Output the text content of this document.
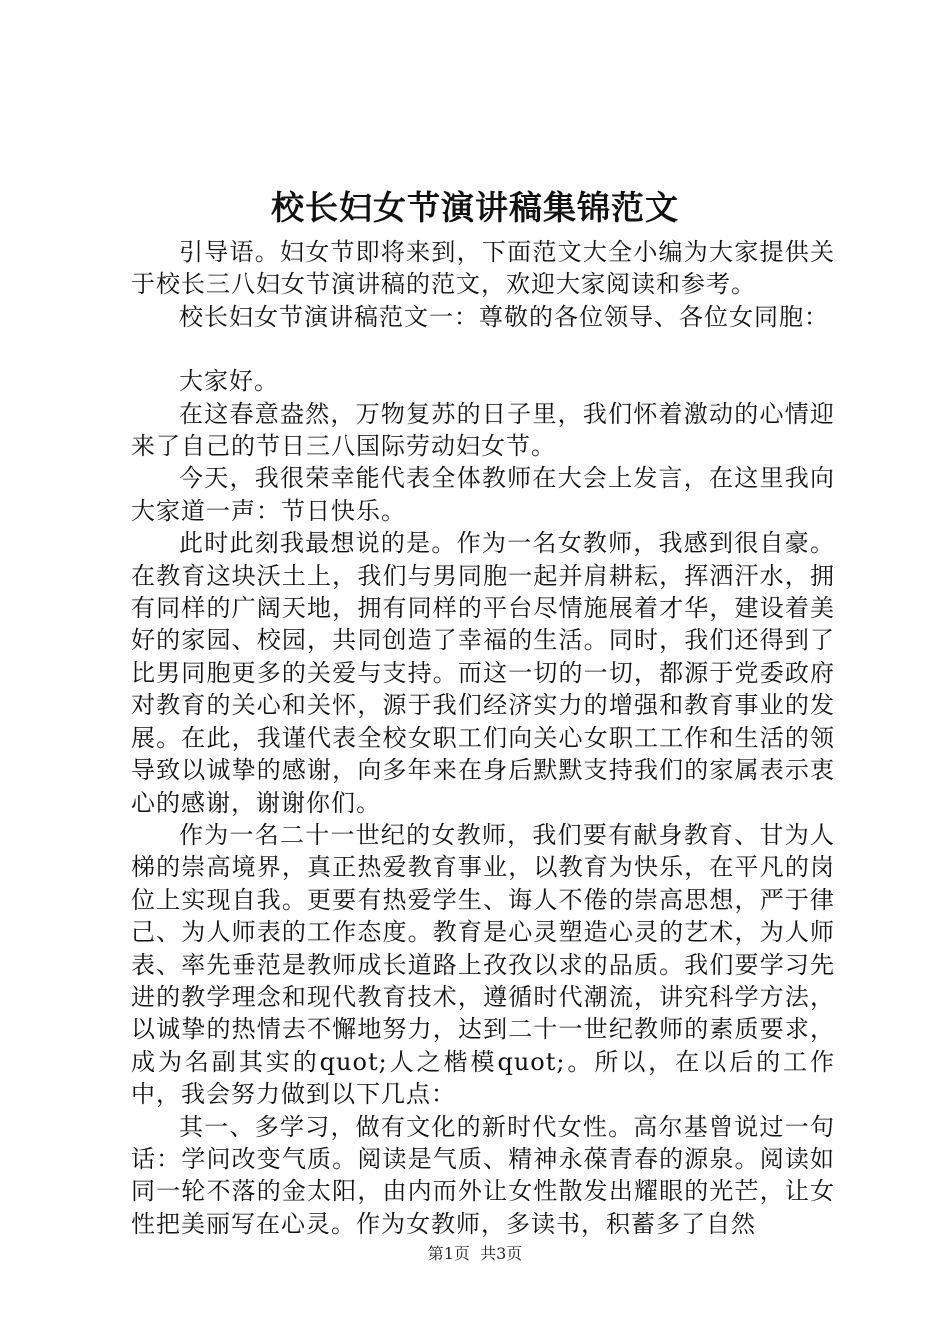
校长妇女节演讲稿集锦范文

引导语。妇女节即将来到，下面范文大全小编为大家提供关于校长三八妇女节演讲稿的范文，欢迎大家阅读和参考。

校长妇女节演讲稿范文一：尊敬的各位领导、各位女同胞：

大家好。

在这春意盎然，万物复苏的日子里，我们怀着激动的心情迎来了自己的节日三八国际劳动妇女节。

今天，我很荣幸能代表全体教师在大会上发言，在这里我向大家道一声：节日快乐。

此时此刻我最想说的是。作为一名女教师，我感到很自豪。在教育这块沃土上，我们与男同胞一起并肩耕耘，挥洒汗水，拥有同样的广阔天地，拥有同样的平台尽情施展着才华，建设着美好的家园、校园，共同创造了幸福的生活。同时，我们还得到了比男同胞更多的关爱与支持。而这一切的一切，都源于党委政府对教育的关心和关怀，源于我们经济实力的增强和教育事业的发展。在此，我谨代表全校女职工们向关心女职工工作和生活的领导致以诚挚的感谢，向多年来在身后默默支持我们的家属表示衷心的感谢，谢谢你们。

作为一名二十一世纪的女教师，我们要有献身教育、甘为人梯的崇高境界，真正热爱教育事业，以教育为快乐，在平凡的岗位上实现自我。更要有热爱学生、诲人不倦的崇高思想，严于律己、为人师表的工作态度。教育是心灵塑造心灵的艺术，为人师表、率先垂范是教师成长道路上孜孜以求的品质。我们要学习先进的教学理念和现代教育技术，遵循时代潮流，讲究科学方法，以诚挚的热情去不懈地努力，达到二十一世纪教师的素质要求，成为名副其实的quot;人之楷模quot;。所以，在以后的工作中，我会努力做到以下几点：

其一、多学习，做有文化的新时代女性。高尔基曾说过一句话：学问改变气质。阅读是气质、精神永葆青春的源泉。阅读如同一轮不落的金太阳，由内而外让女性散发出耀眼的光芒，让女性把美丽写在心灵。作为女教师，多读书，积蓄多了自然

第1页 共3页
